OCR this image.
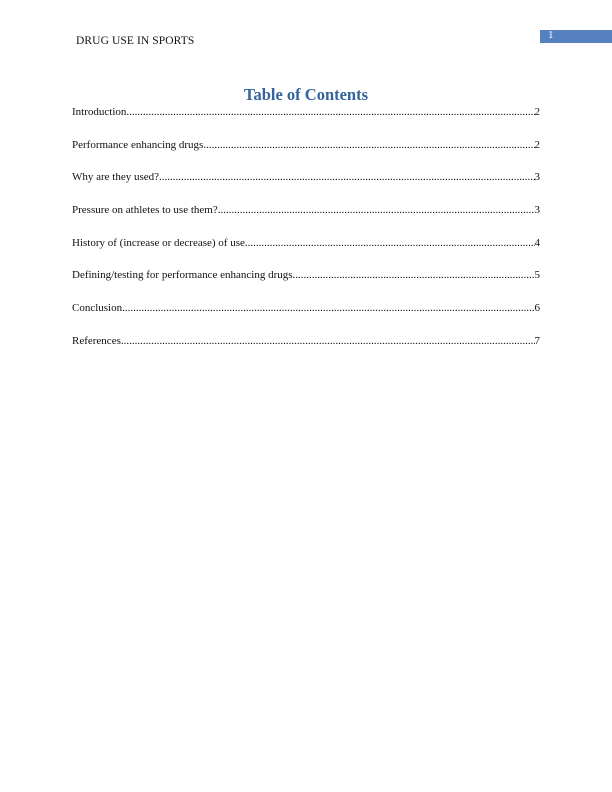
DRUG USE IN SPORTS	1
Table of Contents
Introduction .....	2
Performance enhancing drugs .....	2
Why are they used? .....	3
Pressure on athletes to use them? .....	3
History of (increase or decrease) of use .....	4
Defining/testing for performance enhancing drugs .....	5
Conclusion .....	6
References .....	7
